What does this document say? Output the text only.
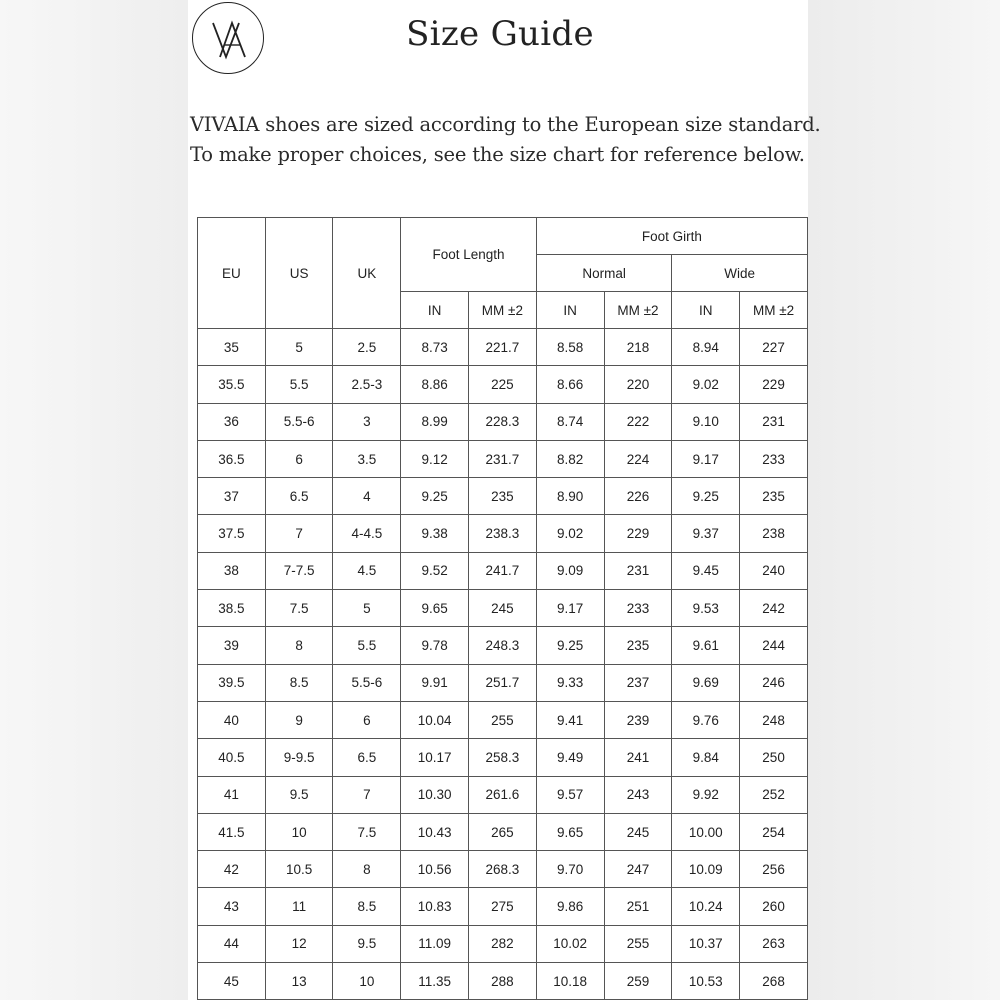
Size Guide
VIVAIA shoes are sized according to the European size standard.
To make proper choices, see the size chart for reference below.
EU	US	UK	Foot Length		Foot Girth			
					Normal		Wide	
			IN	MM ±2	IN	MM ±2	IN	MM ±2
35	5	2.5	8.73	221.7	8.58	218	8.94	227
35.5	5.5	2.5-3	8.86	225	8.66	220	9.02	229
36	5.5-6	3	8.99	228.3	8.74	222	9.10	231
36.5	6	3.5	9.12	231.7	8.82	224	9.17	233
37	6.5	4	9.25	235	8.90	226	9.25	235
37.5	7	4-4.5	9.38	238.3	9.02	229	9.37	238
38	7-7.5	4.5	9.52	241.7	9.09	231	9.45	240
38.5	7.5	5	9.65	245	9.17	233	9.53	242
39	8	5.5	9.78	248.3	9.25	235	9.61	244
39.5	8.5	5.5-6	9.91	251.7	9.33	237	9.69	246
40	9	6	10.04	255	9.41	239	9.76	248
40.5	9-9.5	6.5	10.17	258.3	9.49	241	9.84	250
41	9.5	7	10.30	261.6	9.57	243	9.92	252
41.5	10	7.5	10.43	265	9.65	245	10.00	254
42	10.5	8	10.56	268.3	9.70	247	10.09	256
43	11	8.5	10.83	275	9.86	251	10.24	260
44	12	9.5	11.09	282	10.02	255	10.37	263
45	13	10	11.35	288	10.18	259	10.53	268
